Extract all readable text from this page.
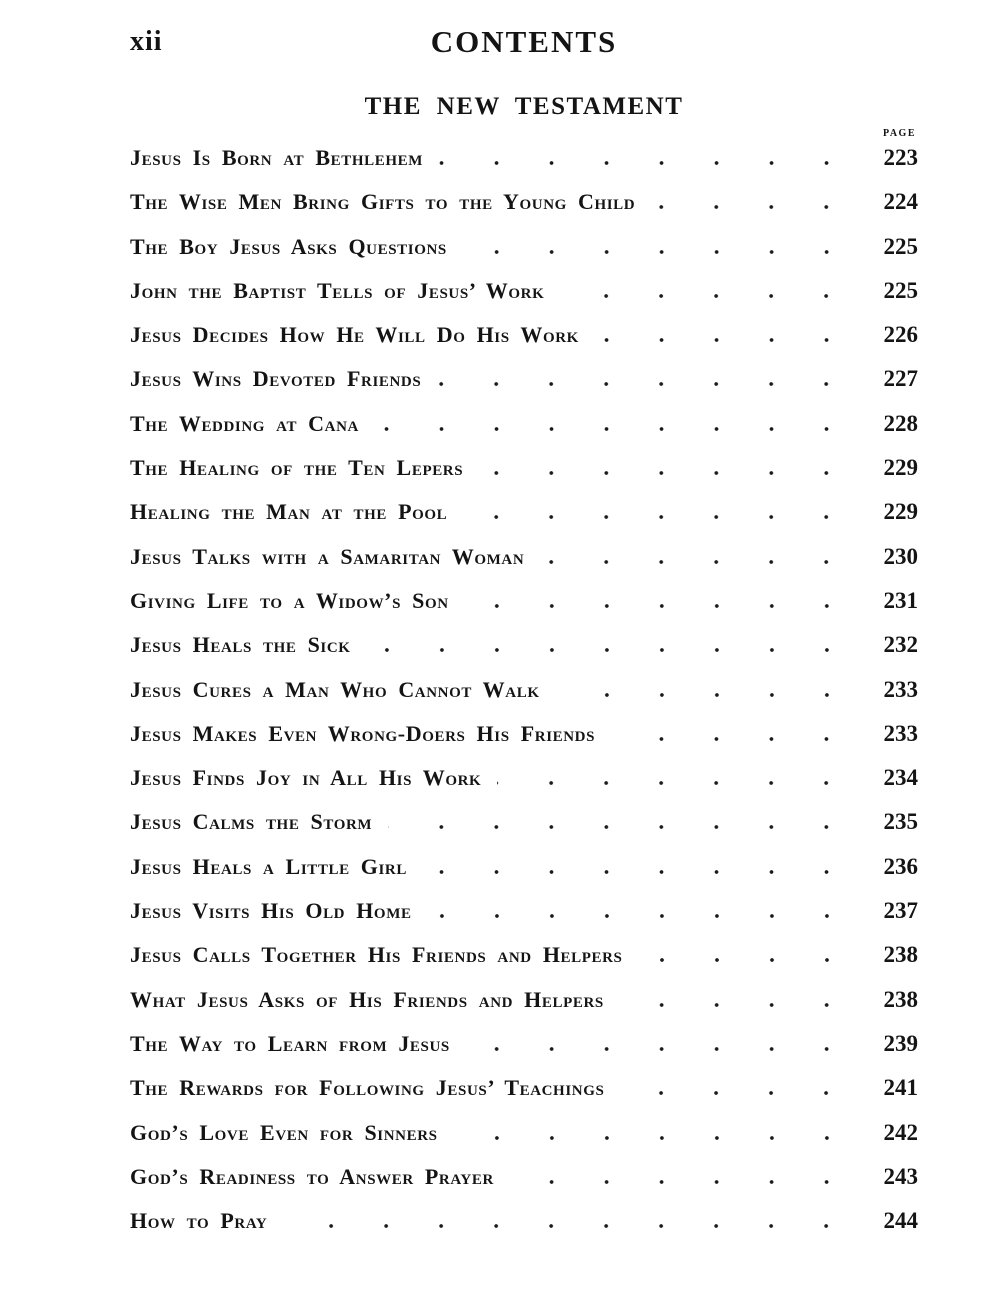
xii	CONTENTS
THE NEW TESTAMENT
PAGE
Jesus Is Born at Bethlehem	223
The Wise Men Bring Gifts to the Young Child	224
The Boy Jesus Asks Questions	225
John the Baptist Tells of Jesus’ Work	225
Jesus Decides How He Will Do His Work	226
Jesus Wins Devoted Friends	227
The Wedding at Cana	228
The Healing of the Ten Lepers	229
Healing the Man at the Pool	229
Jesus Talks with a Samaritan Woman	230
Giving Life to a Widow’s Son	231
Jesus Heals the Sick	232
Jesus Cures a Man Who Cannot Walk	233
Jesus Makes Even Wrong-Doers His Friends	233
Jesus Finds Joy in All His Work	234
Jesus Calms the Storm	235
Jesus Heals a Little Girl	236
Jesus Visits His Old Home	237
Jesus Calls Together His Friends and Helpers	238
What Jesus Asks of His Friends and Helpers	238
The Way to Learn from Jesus	239
The Rewards for Following Jesus’ Teachings	241
God’s Love Even for Sinners	242
God’s Readiness to Answer Prayer	243
How to Pray	244
